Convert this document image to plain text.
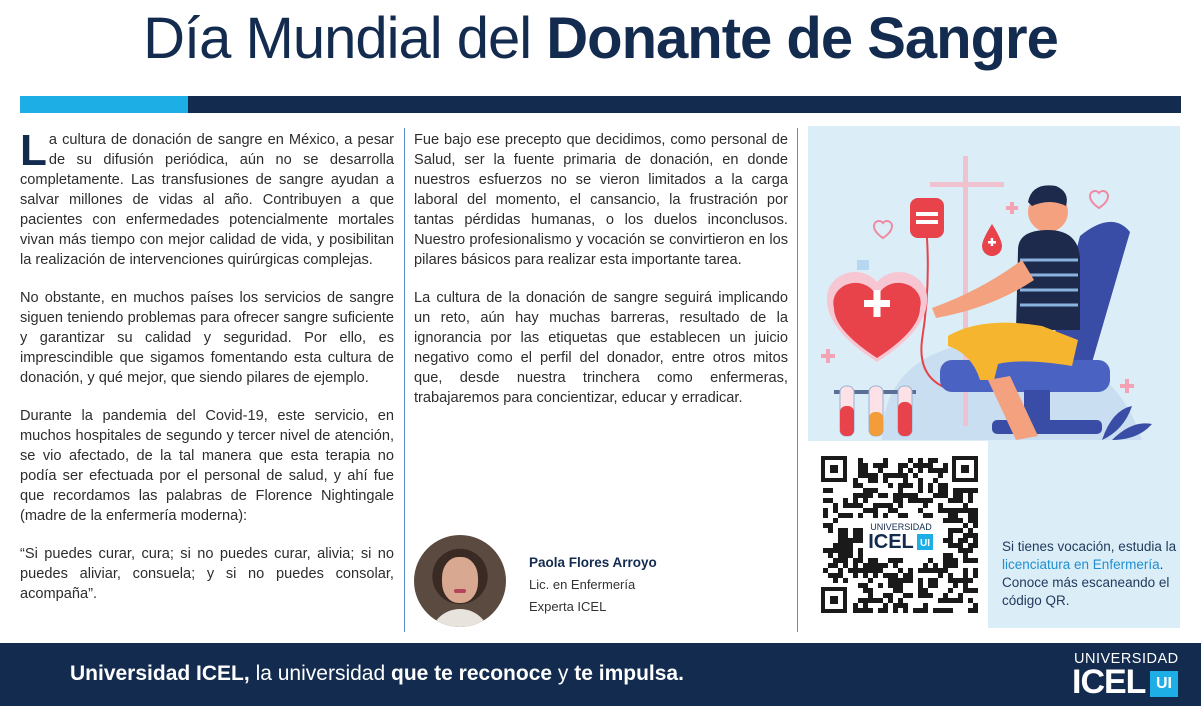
Día Mundial del Donante de Sangre

La cultura de donación de sangre en México, a pesar de su difusión periódica, aún no se desarrolla completamente. Las transfusiones de sangre ayudan a salvar millones de vidas al año. Contribuyen a que pacientes con enfermedades potencialmente mortales vivan más tiempo con mejor calidad de vida, y posibilitan la realización de intervenciones quirúrgicas complejas.

No obstante, en muchos países los servicios de sangre siguen teniendo problemas para ofrecer sangre suficiente y garantizar su calidad y seguridad. Por ello, es imprescindible que sigamos fomentando esta cultura de donación, y qué mejor, que siendo pilares de ejemplo.

Durante la pandemia del Covid-19, este servicio, en muchos hospitales de segundo y tercer nivel de atención, se vio afectado, de la tal manera que esta terapia no podía ser efectuada por el personal de salud, y ahí fue que recordamos las palabras de Florence Nightingale (madre de la enfermería moderna):

“Si puedes curar, cura; si no puedes curar, alivia; si no puedes aliviar, consuela; y si no puedes consolar, acompaña”.

Fue bajo ese precepto que decidimos, como personal de Salud, ser la fuente primaria de donación, en donde nuestros esfuerzos no se vieron limitados a la carga laboral del momento, el cansancio, la frustración por tantas pérdidas humanas, o los duelos inconclusos. Nuestro profesionalismo y vocación se convirtieron en los pilares básicos para realizar esta importante tarea.

La cultura de la donación de sangre seguirá implicando un reto, aún hay muchas barreras, resultado de la ignorancia por las etiquetas que establecen un juicio negativo como el perfil del donador, entre otros mitos que, desde nuestra trinchera como enfermeras, trabajaremos para concientizar, educar y erradicar.

Paola Flores Arroyo
Lic. en Enfermería
Experta ICEL
UNIVERSIDAD
ICEL UI	Si tienes vocación, estudia la licenciatura en Enfermería. Conoce más escaneando el código QR.
Universidad ICEL, la universidad que te reconoce y te impulsa.
UNIVERSIDAD
ICEL UI
